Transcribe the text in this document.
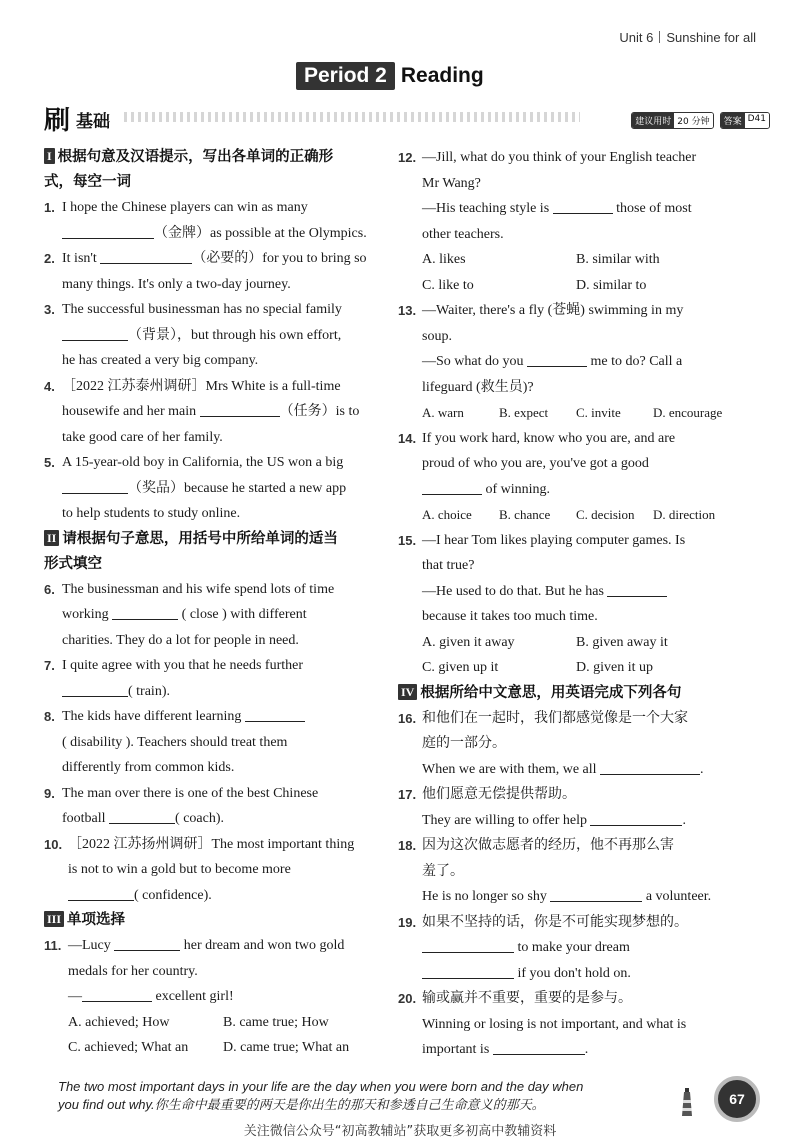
Unit 6 Sunshine for all
Period 2 Reading
刷 基础	建议用时 20 分钟	答案 D41
I 根据句意及汉语提示，写出各单词的正确形
式，每空一词
1. I hope the Chinese players can win as many
（金牌）as possible at the Olympics.
2. It isn't	（必要的）for you to bring so
many things. It's only a two-day journey.
3. The successful businessman has no special family
（背景），but through his own effort,
he has created a very big company.
4. ［2022 江苏泰州调研］Mrs White is a full-time
housewife and her main	（任务）is to
take good care of her family.
5. A 15-year-old boy in California, the US won a big
（奖品）because he started a new app
to help students to study online.
II 请根据句子意思，用括号中所给单词的适当
形式填空
6. The businessman and his wife spend lots of time
working	( close ) with different
charities. They do a lot for people in need.
7. I quite agree with you that he needs further
( train).
8. The kids have different learning
( disability ). Teachers should treat them
differently from common kids.
9. The man over there is one of the best Chinese
football	( coach).
10. ［2022 江苏扬州调研］The most important thing
is not to win a gold but to become more
( confidence).
III 单项选择
11. —Lucy	her dream and won two gold
medals for her country.
—	excellent girl!
A. achieved; How	B. came true; How
C. achieved; What an	D. came true; What an
12. —Jill, what do you think of your English teacher
Mr Wang?
—His teaching style is	those of most
other teachers.
A. likes	B. similar with
C. like to	D. similar to
13. —Waiter, there's a fly (苍蝇) swimming in my
soup.
—So what do you	me to do? Call a
lifeguard (救生员)?
A. warn	B. expect	C. invite	D. encourage
14. If you work hard, know who you are, and are
proud of who you are, you've got a good
of winning.
A. choice	B. chance	C. decision	D. direction
15. —I hear Tom likes playing computer games. Is
that true?
—He used to do that. But he has
because it takes too much time.
A. given it away	B. given away it
C. given up it	D. given it up
IV 根据所给中文意思，用英语完成下列各句
16. 和他们在一起时，我们都感觉像是一个大家
庭的一部分。
When we are with them, we all	.
17. 他们愿意无偿提供帮助。
They are willing to offer help	.
18. 因为这次做志愿者的经历，他不再那么害
羞了。
He is no longer so shy	a volunteer.
19. 如果不坚持的话，你是不可能实现梦想的。
to make your dream
if you don't hold on.
20. 输或赢并不重要，重要的是参与。
Winning or losing is not important, and what is
important is	.
The two most important days in your life are the day when you were born and the day when
you find out why.你生命中最重要的两天是你出生的那天和参透自己生命意义的那天。	67
关注微信公众号“初高教辅站”获取更多初高中教辅资料
